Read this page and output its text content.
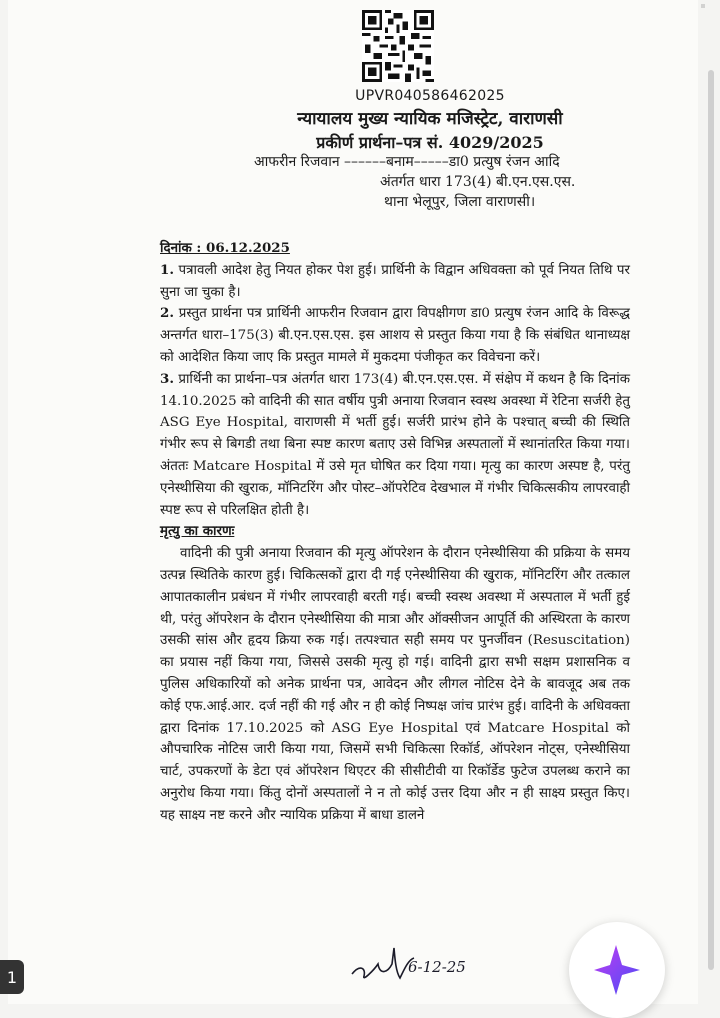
UPVR040586462025
न्यायालय मुख्य न्यायिक मजिस्ट्रेट, वाराणसी
प्रकीर्ण प्रार्थना–पत्र सं. 4029/2025
आफरीन रिजवान ––––––बनाम–––––डा0 प्रत्युष रंजन आदि
अंतर्गत धारा 173(4) बी.एन.एस.एस.
थाना भेलूपुर, जिला वाराणसी।

दिनांक : 06.12.2025

1. पत्रावली आदेश हेतु नियत होकर पेश हुई। प्रार्थिनी के विद्वान अधिवक्ता को पूर्व नियत तिथि पर सुना जा चुका है।

2. प्रस्तुत प्रार्थना पत्र प्रार्थिनी आफरीन रिजवान द्वारा विपक्षीगण डा0 प्रत्युष रंजन आदि के विरूद्ध अन्तर्गत धारा–175(3) बी.एन.एस.एस. इस आशय से प्रस्तुत किया गया है कि संबंधित थानाध्यक्ष को आदेशित किया जाए कि प्रस्तुत मामले में मुकदमा पंजीकृत कर विवेचना करें।

3. प्रार्थिनी का प्रार्थना–पत्र अंतर्गत धारा 173(4) बी.एन.एस.एस. में संक्षेप में कथन है कि दिनांक 14.10.2025 को वादिनी की सात वर्षीय पुत्री अनाया रिजवान स्वस्थ अवस्था में रेटिना सर्जरी हेतु ASG Eye Hospital, वाराणसी में भर्ती हुई। सर्जरी प्रारंभ होने के पश्चात् बच्ची की स्थिति गंभीर रूप से बिगडी तथा बिना स्पष्ट कारण बताए उसे विभिन्न अस्पतालों में स्थानांतरित किया गया। अंततः Matcare Hospital में उसे मृत घोषित कर दिया गया। मृत्यु का कारण अस्पष्ट है, परंतु एनेस्थीसिया की खुराक, मॉनिटरिंग और पोस्ट–ऑपरेटिव देखभाल में गंभीर चिकित्सकीय लापरवाही स्पष्ट रूप से परिलक्षित होती है।

मृत्यु का कारणः

वादिनी की पुत्री अनाया रिजवान की मृत्यु ऑपरेशन के दौरान एनेस्थीसिया की प्रक्रिया के समय उत्पन्न स्थितिके कारण हुई। चिकित्सकों द्वारा दी गई एनेस्थीसिया की खुराक, मॉनिटरिंग और तत्काल आपातकालीन प्रबंधन में गंभीर लापरवाही बरती गई। बच्ची स्वस्थ अवस्था में अस्पताल में भर्ती हुई थी, परंतु ऑपरेशन के दौरान एनेस्थीसिया की मात्रा और ऑक्सीजन आपूर्ति की अस्थिरता के कारण उसकी सांस और हृदय क्रिया रुक गई। तत्पश्चात सही समय पर पुनर्जीवन (Resuscitation) का प्रयास नहीं किया गया, जिससे उसकी मृत्यु हो गई। वादिनी द्वारा सभी सक्षम प्रशासनिक व पुलिस अधिकारियों को अनेक प्रार्थना पत्र, आवेदन और लीगल नोटिस देने के बावजूद अब तक कोई एफ.आई.आर. दर्ज नहीं की गई और न ही कोई निष्पक्ष जांच प्रारंभ हुई। वादिनी के अधिवक्ता द्वारा दिनांक 17.10.2025 को ASG Eye Hospital एवं Matcare Hospital को औपचारिक नोटिस जारी किया गया, जिसमें सभी चिकित्सा रिकॉर्ड, ऑपरेशन नोट्स, एनेस्थीसिया चार्ट, उपकरणों के डेटा एवं ऑपरेशन थिएटर की सीसीटीवी या रिकॉर्डेड फुटेज उपलब्ध कराने का अनुरोध किया गया। किंतु दोनों अस्पतालों ने न तो कोई उत्तर दिया और न ही साक्ष्य प्रस्तुत किए। यह साक्ष्य नष्ट करने और न्यायिक प्रक्रिया में बाधा डालने

6-12-25
1
